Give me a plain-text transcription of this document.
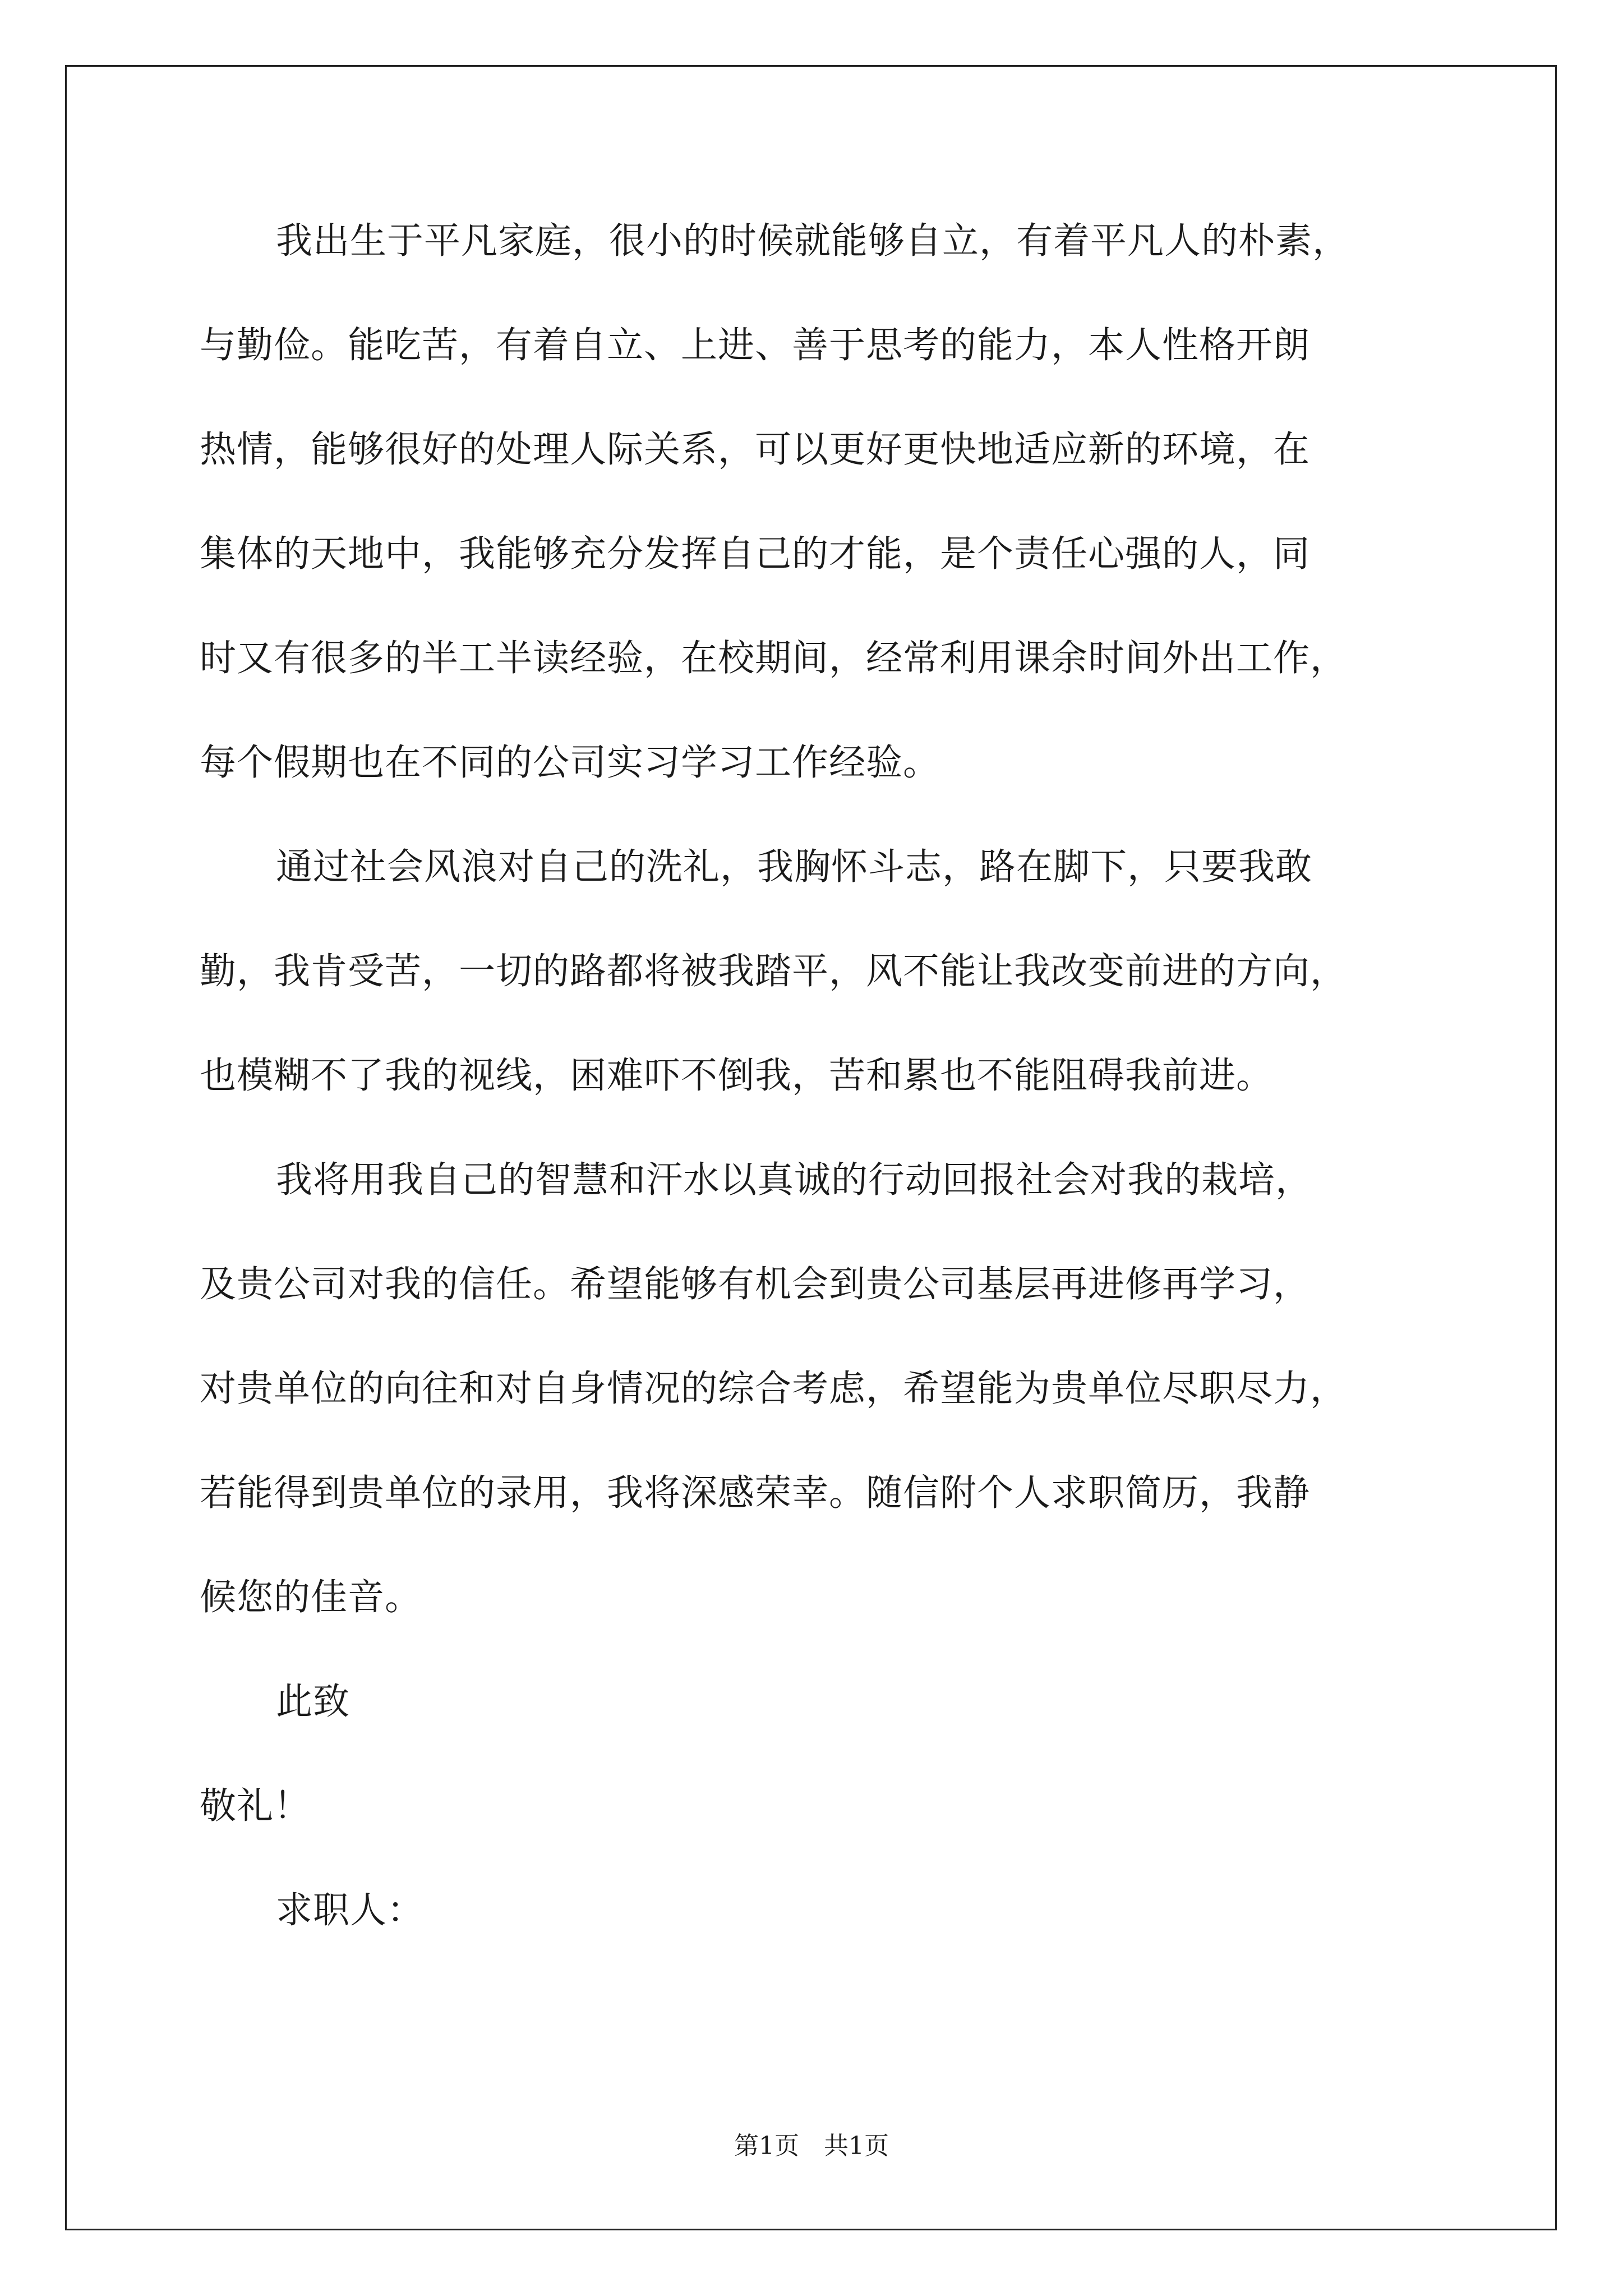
我出生于平凡家庭，很小的时候就能够自立，有着平凡人的朴素，
与勤俭。能吃苦，有着自立、上进、善于思考的能力，本人性格开朗
热情，能够很好的处理人际关系，可以更好更快地适应新的环境，在
集体的天地中，我能够充分发挥自己的才能，是个责任心强的人，同
时又有很多的半工半读经验，在校期间，经常利用课余时间外出工作，
每个假期也在不同的公司实习学习工作经验。
通过社会风浪对自己的洗礼，我胸怀斗志，路在脚下，只要我敢
勤，我肯受苦，一切的路都将被我踏平，风不能让我改变前进的方向，
也模糊不了我的视线，困难吓不倒我，苦和累也不能阻碍我前进。
我将用我自己的智慧和汗水以真诚的行动回报社会对我的栽培，
及贵公司对我的信任。希望能够有机会到贵公司基层再进修再学习，
对贵单位的向往和对自身情况的综合考虑，希望能为贵单位尽职尽力，
若能得到贵单位的录用，我将深感荣幸。随信附个人求职简历，我静
候您的佳音。
此致
敬礼！
求职人：
第1页　共1页
